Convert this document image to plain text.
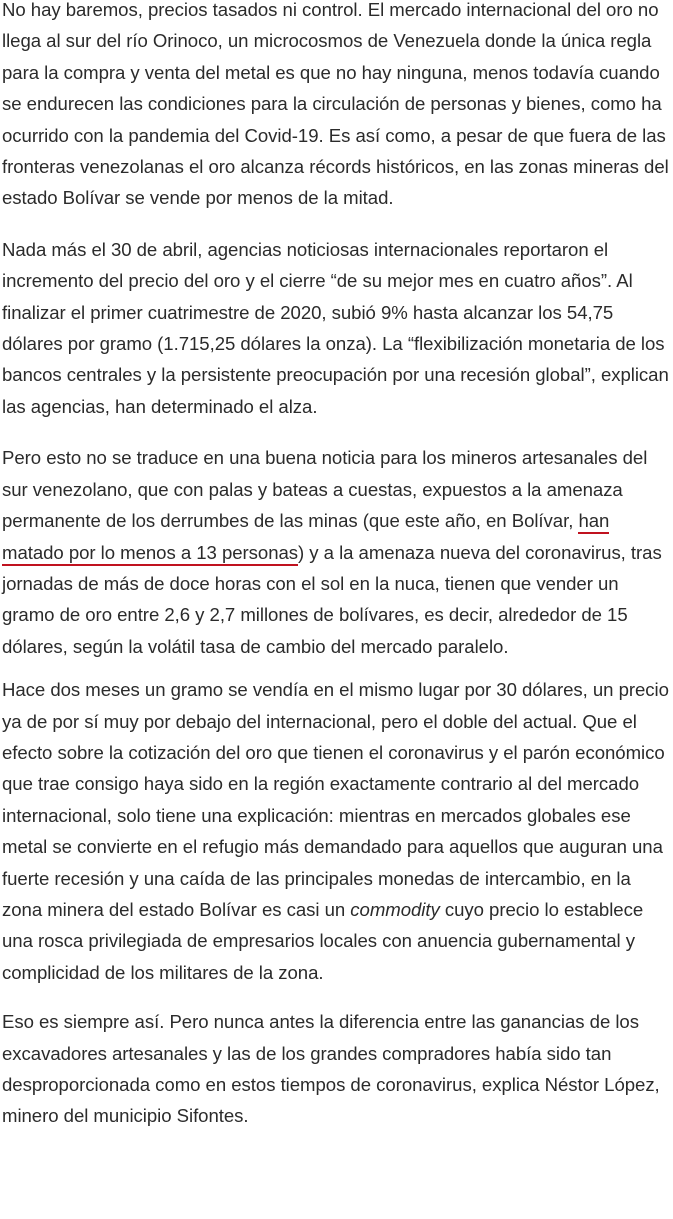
No hay baremos, precios tasados ni control. El mercado internacional del oro no llega al sur del río Orinoco, un microcosmos de Venezuela donde la única regla para la compra y venta del metal es que no hay ninguna, menos todavía cuando se endurecen las condiciones para la circulación de personas y bienes, como ha ocurrido con la pandemia del Covid-19. Es así como, a pesar de que fuera de las fronteras venezolanas el oro alcanza récords históricos, en las zonas mineras del estado Bolívar se vende por menos de la mitad.

Nada más el 30 de abril, agencias noticiosas internacionales reportaron el incremento del precio del oro y el cierre “de su mejor mes en cuatro años”. Al finalizar el primer cuatrimestre de 2020, subió 9% hasta alcanzar los 54,75 dólares por gramo (1.715,25 dólares la onza). La “flexibilización monetaria de los bancos centrales y la persistente preocupación por una recesión global”, explican las agencias, han determinado el alza.

Pero esto no se traduce en una buena noticia para los mineros artesanales del sur venezolano, que con palas y bateas a cuestas, expuestos a la amenaza permanente de los derrumbes de las minas (que este año, en Bolívar, han matado por lo menos a 13 personas) y a la amenaza nueva del coronavirus, tras jornadas de más de doce horas con el sol en la nuca, tienen que vender un gramo de oro entre 2,6 y 2,7 millones de bolívares, es decir, alrededor de 15 dólares, según la volátil tasa de cambio del mercado paralelo.

Hace dos meses un gramo se vendía en el mismo lugar por 30 dólares, un precio ya de por sí muy por debajo del internacional, pero el doble del actual. Que el efecto sobre la cotización del oro que tienen el coronavirus y el parón económico que trae consigo haya sido en la región exactamente contrario al del mercado internacional, solo tiene una explicación: mientras en mercados globales ese metal se convierte en el refugio más demandado para aquellos que auguran una fuerte recesión y una caída de las principales monedas de intercambio, en la zona minera del estado Bolívar es casi un commodity cuyo precio lo establece una rosca privilegiada de empresarios locales con anuencia gubernamental y complicidad de los militares de la zona.

Eso es siempre así. Pero nunca antes la diferencia entre las ganancias de los excavadores artesanales y las de los grandes compradores había sido tan desproporcionada como en estos tiempos de coronavirus, explica Néstor López, minero del municipio Sifontes.
